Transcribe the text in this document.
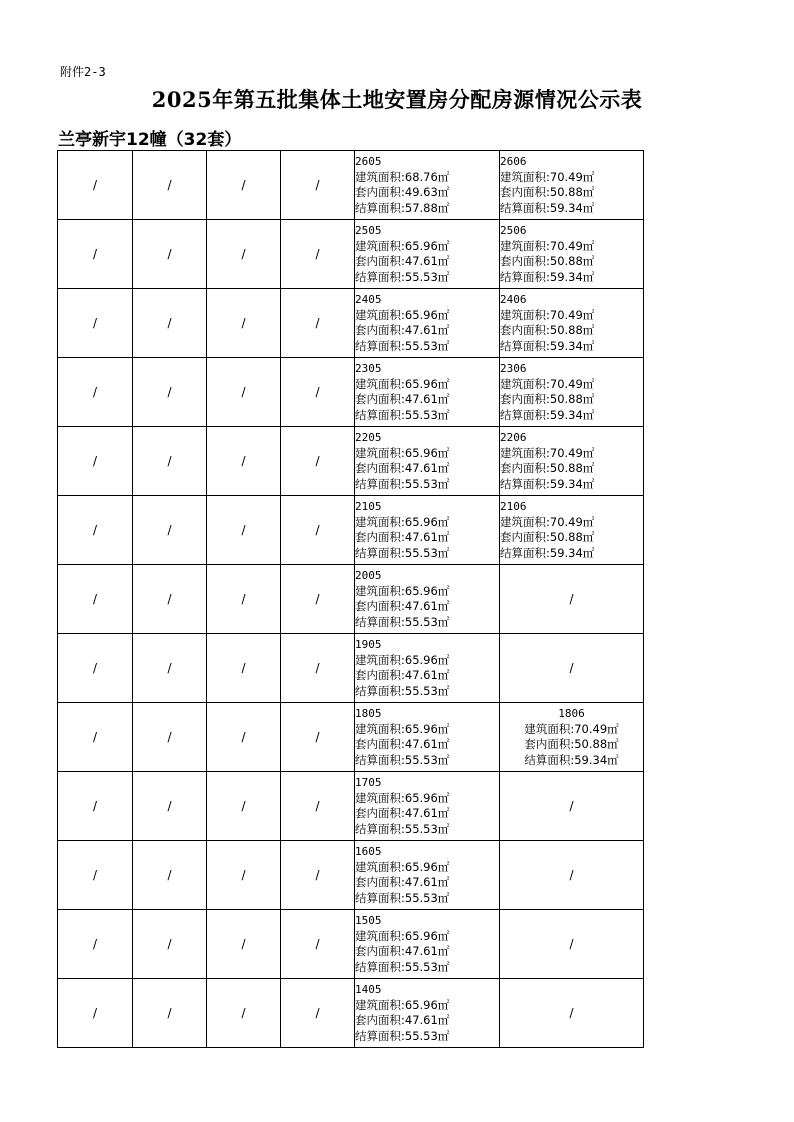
附件2-3
2025年第五批集体土地安置房分配房源情况公示表
兰亭新宇12幢（32套）
/	/	/	/	2605
建筑面积:68.76㎡
套内面积:49.63㎡
结算面积:57.88㎡	2606
建筑面积:70.49㎡
套内面积:50.88㎡
结算面积:59.34㎡

/	/	/	/	2505
建筑面积:65.96㎡
套内面积:47.61㎡
结算面积:55.53㎡	2506
建筑面积:70.49㎡
套内面积:50.88㎡
结算面积:59.34㎡

/	/	/	/	2405
建筑面积:65.96㎡
套内面积:47.61㎡
结算面积:55.53㎡	2406
建筑面积:70.49㎡
套内面积:50.88㎡
结算面积:59.34㎡

/	/	/	/	2305
建筑面积:65.96㎡
套内面积:47.61㎡
结算面积:55.53㎡	2306
建筑面积:70.49㎡
套内面积:50.88㎡
结算面积:59.34㎡

/	/	/	/	2205
建筑面积:65.96㎡
套内面积:47.61㎡
结算面积:55.53㎡	2206
建筑面积:70.49㎡
套内面积:50.88㎡
结算面积:59.34㎡

/	/	/	/	2105
建筑面积:65.96㎡
套内面积:47.61㎡
结算面积:55.53㎡	2106
建筑面积:70.49㎡
套内面积:50.88㎡
结算面积:59.34㎡

/	/	/	/	2005
建筑面积:65.96㎡
套内面积:47.61㎡
结算面积:55.53㎡	/
/	/	/	/	1905
建筑面积:65.96㎡
套内面积:47.61㎡
结算面积:55.53㎡	/
/	/	/	/	1805
建筑面积:65.96㎡
套内面积:47.61㎡
结算面积:55.53㎡	1806
建筑面积:70.49㎡
套内面积:50.88㎡
结算面积:59.34㎡

/	/	/	/	1705
建筑面积:65.96㎡
套内面积:47.61㎡
结算面积:55.53㎡	/
/	/	/	/	1605
建筑面积:65.96㎡
套内面积:47.61㎡
结算面积:55.53㎡	/
/	/	/	/	1505
建筑面积:65.96㎡
套内面积:47.61㎡
结算面积:55.53㎡	/
/	/	/	/	1405
建筑面积:65.96㎡
套内面积:47.61㎡
结算面积:55.53㎡	/
